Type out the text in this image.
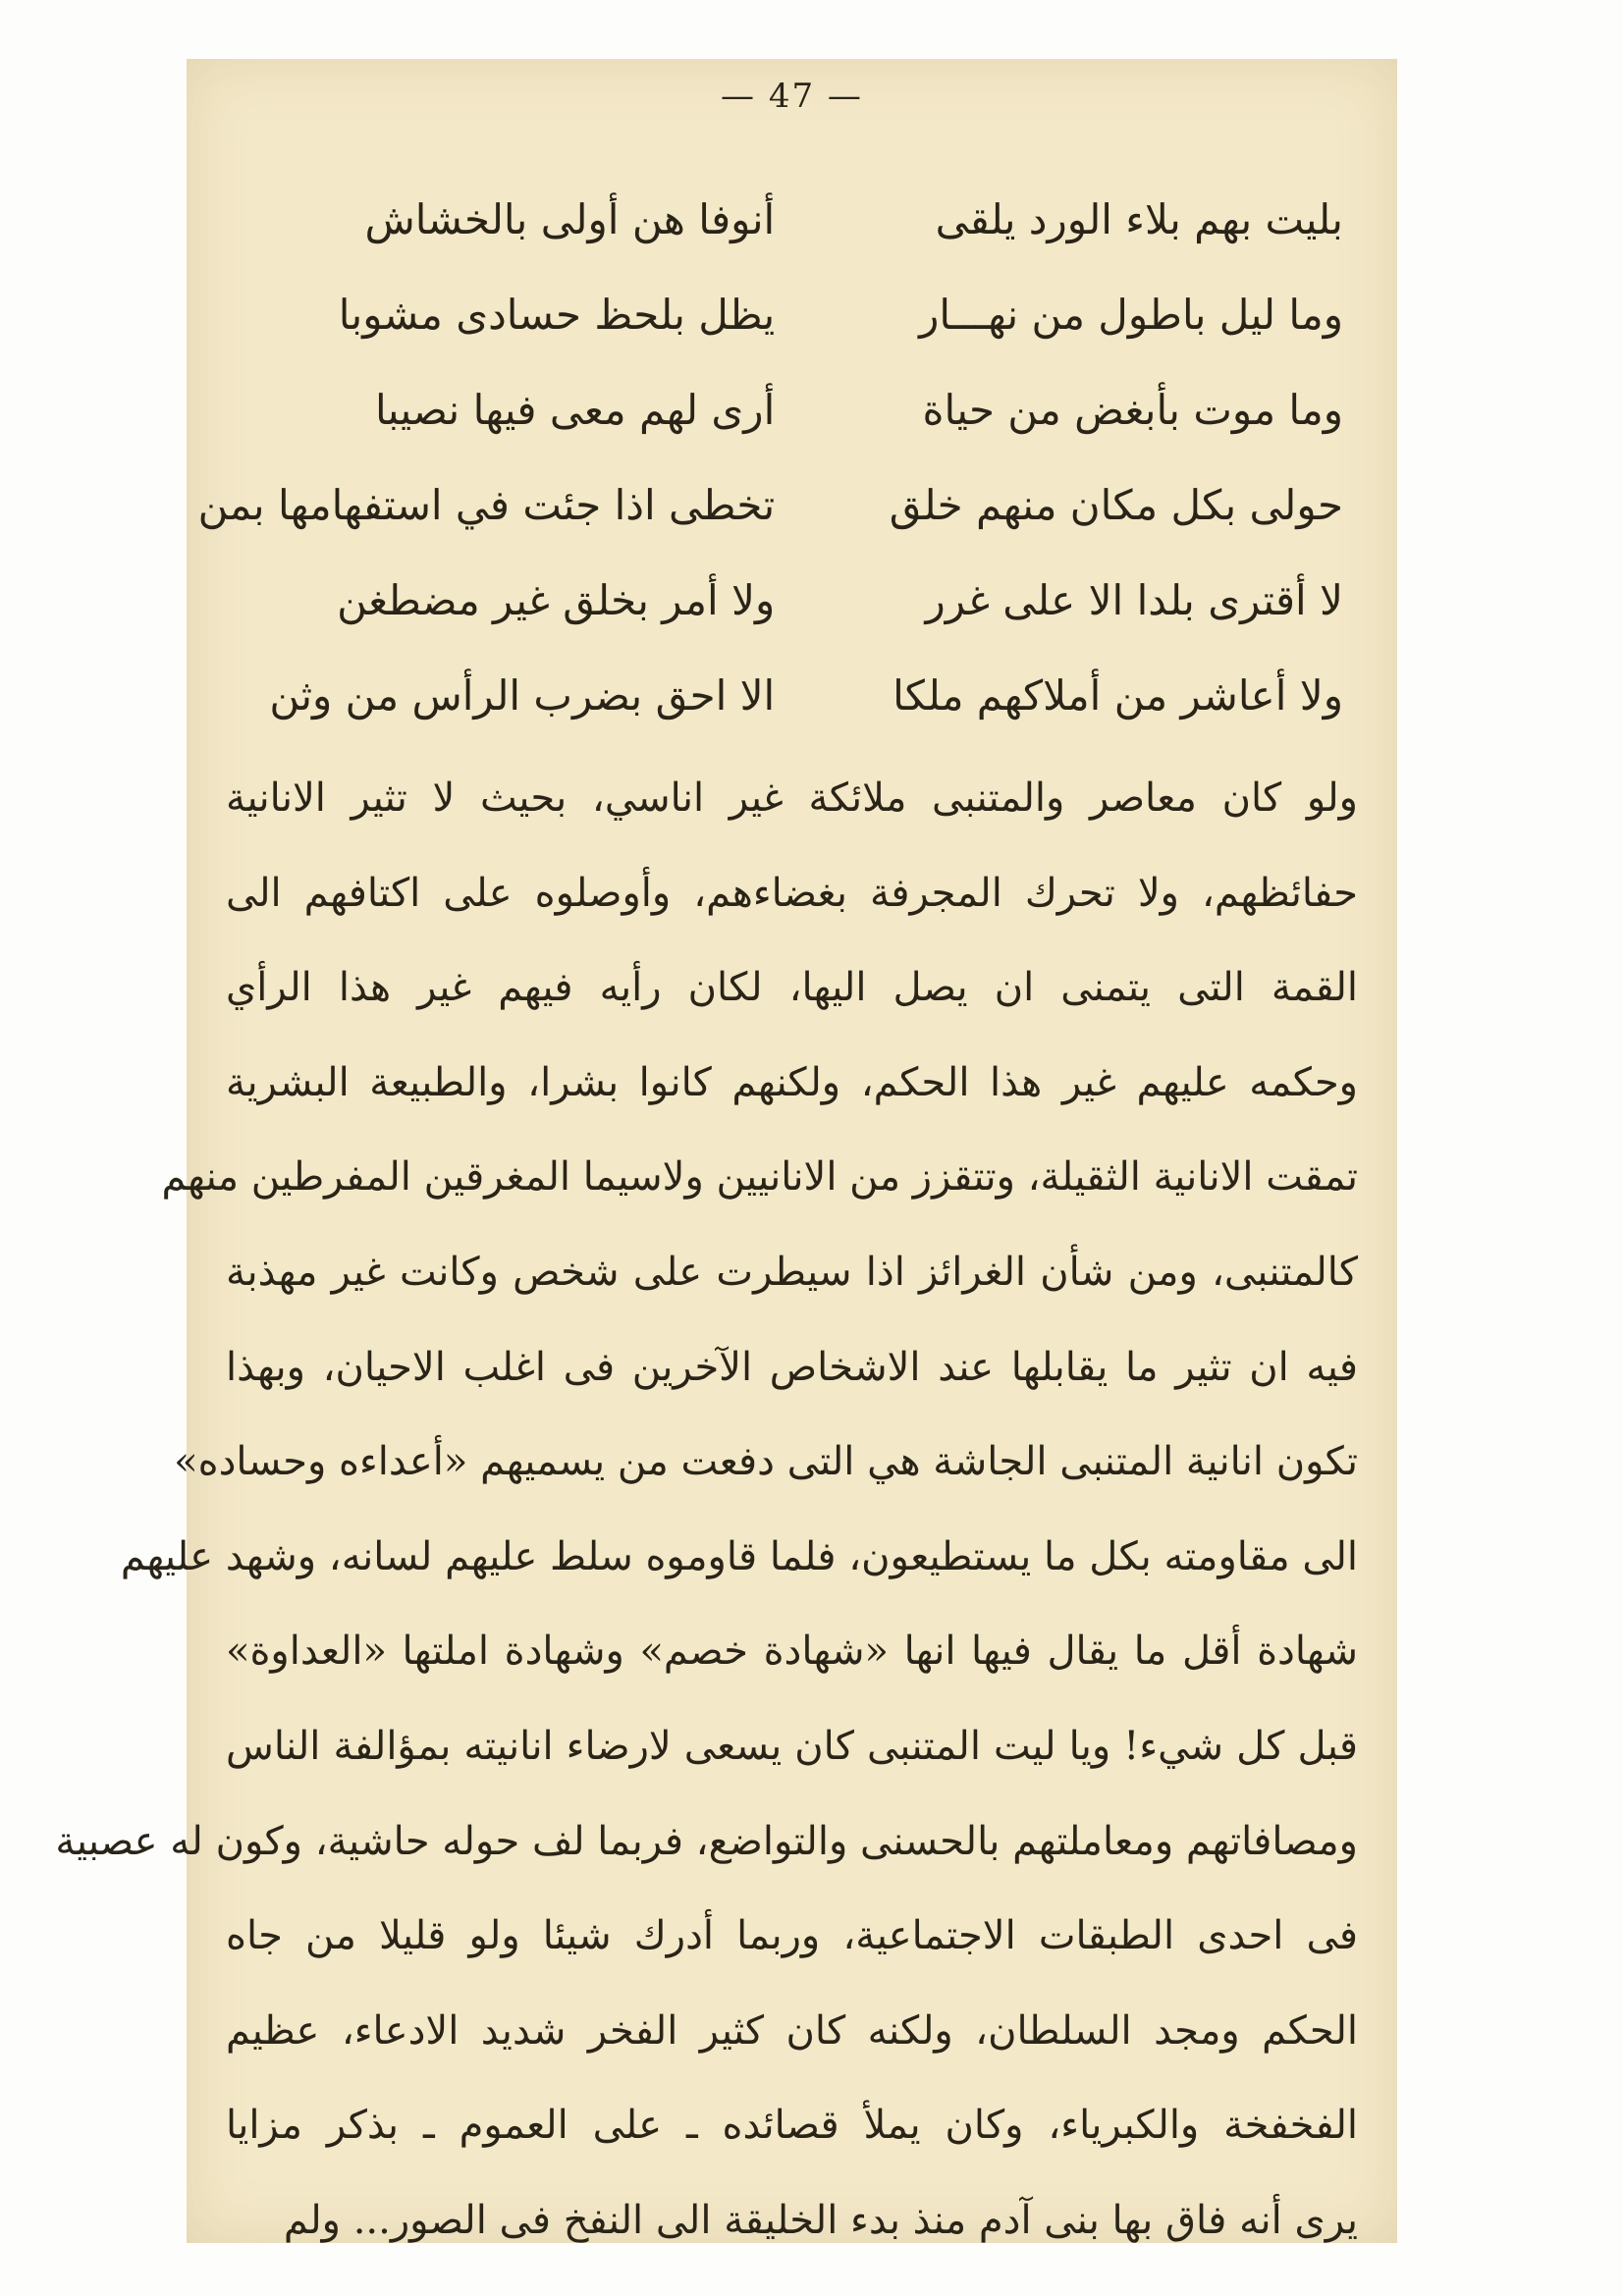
— 47 —
بليت بهم بلاء الورد يلقى
أنوفا هن أولى بالخشاش
وما ليل باطول من نهـــار
يظل بلحظ حسادى مشوبا
وما موت بأبغض من حياة
أرى لهم معى فيها نصيبا
حولى بكل مكان منهم خلق
تخطى اذا جئت في استفهامها بمن
لا أقترى بلدا الا على غرر
ولا أمر بخلق غير مضطغن
ولا أعاشر من أملاكهم ملكا
الا احق بضرب الرأس من وثن
ولو كان معاصر والمتنبى ملائكة غير اناسي، بحيث لا تثير الانانية
حفائظهم، ولا تحرك المجرفة بغضاءهم، وأوصلوه على اكتافهم الى
القمة التى يتمنى ان يصل اليها، لكان رأيه فيهم غير هذا الرأي
وحكمه عليهم غير هذا الحكم، ولكنهم كانوا بشرا، والطبيعة البشرية
تمقت الانانية الثقيلة، وتتقزز من الانانيين ولاسيما المغرقين المفرطين منهم
كالمتنبى، ومن شأن الغرائز اذا سيطرت على شخص وكانت غير مهذبة
فيه ان تثير ما يقابلها عند الاشخاص الآخرين فى اغلب الاحيان، وبهذا
تكون انانية المتنبى الجاشة هي التى دفعت من يسميهم «أعداءه وحساده»
الى مقاومته بكل ما يستطيعون، فلما قاوموه سلط عليهم لسانه، وشهد عليهم
شهادة أقل ما يقال فيها انها «شهادة خصم» وشهادة املتها «العداوة»
قبل كل شيء! ويا ليت المتنبى كان يسعى لارضاء انانيته بمؤالفة الناس
ومصافاتهم ومعاملتهم بالحسنى والتواضع، فربما لف حوله حاشية، وكون له عصبية
فى احدى الطبقات الاجتماعية، وربما أدرك شيئا ولو قليلا من جاه
الحكم ومجد السلطان، ولكنه كان كثير الفخر شديد الادعاء، عظيم
الفخفخة والكبرياء، وكان يملأ قصائده ـ على العموم ـ بذكر مزايا
يرى أنه فاق بها بنى آدم منذ بدء الخليقة الى النفخ فى الصور... ولم
